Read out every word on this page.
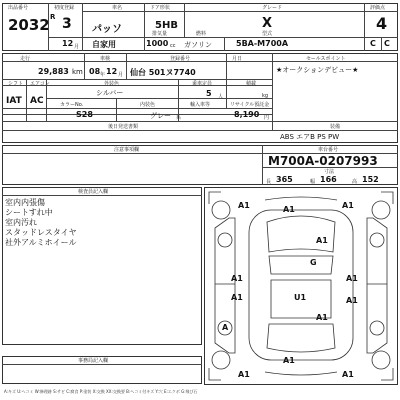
出品番号
2032 R
初度登録
3
12 月
車名
パッソ
自家用
ドア形状
5HB
排気量
1000 cc
燃料
ガソリン
グレード
X
型式
5BA-M700A
評価点
4
C C
走行
29,883 km
車検
08 年 12 月
登録番号
仙台 501ヌ7740
月日	セールスポイント
★オークションデビュー★
シフト エアコン
IAT AC
外装色
シルバー
乗車定員
5 人
積載
kg
カラーNo.
S28
内装色
グレー 系
輸入車等	リサイクル預託金
8,190 円
後日発送書類	装備
ABS エアB PS PW
注意事項欄	車台番号
M700A-0207993
寸法
長 365	幅 166	高 152
検査員記入欄
室内内張傷
シートすれ中
室内汚れ
スタッドレスタイヤ
社外アルミホイール
事務局記入欄
A1	A1	A1
A1
G
A1	A1
U1
A1	A1
A1
A
A1
A1	A1
A:キズ U:ヘコミ W:修理跡 S:サビ C:腐食 P:塗装 X:交換 XX:交換要 B:ヘコミ付キズ Y:穴 E:エクボ G:飛び石
